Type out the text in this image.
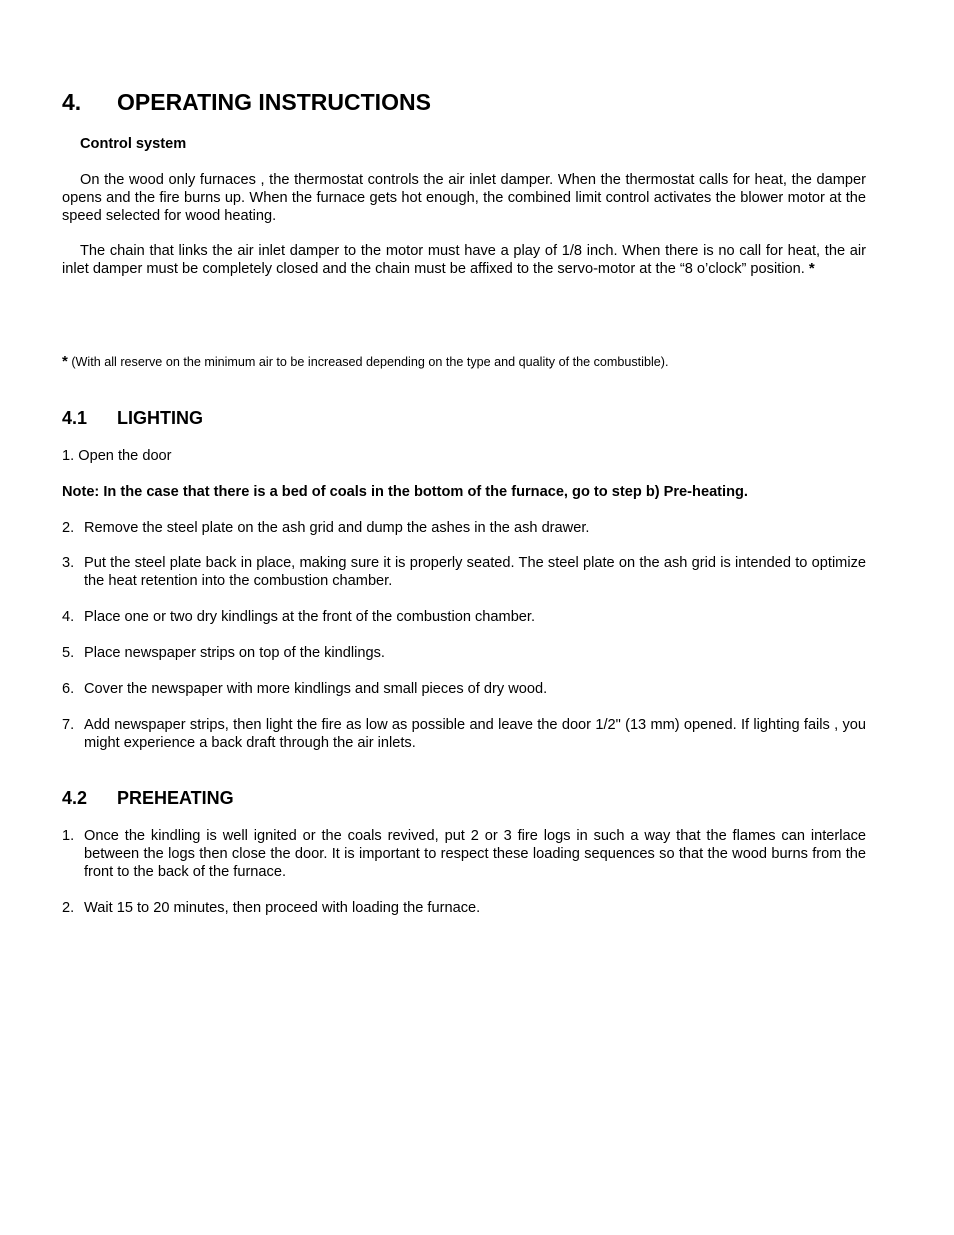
4. OPERATING INSTRUCTIONS

Control system

On the wood only furnaces , the thermostat controls the air inlet damper. When the thermostat calls for heat, the damper opens and the fire burns up. When the furnace gets hot enough, the combined limit control activates the blower motor at the speed selected for wood heating.

The chain that links the air inlet damper to the motor must have a play of 1/8 inch. When there is no call for heat, the air inlet damper must be completely closed and the chain must be affixed to the servo-motor at the “8 o’clock” position. *

* (With all reserve on the minimum air to be increased depending on the type and quality of the combustible).

4.1 LIGHTING

1. Open the door

Note: In the case that there is a bed of coals in the bottom of the furnace, go to step b) Pre-heating.

2. Remove the steel plate on the ash grid and dump the ashes in the ash drawer.
3. Put the steel plate back in place, making sure it is properly seated. The steel plate on the ash grid is intended to optimize the heat retention into the combustion chamber.
4. Place one or two dry kindlings at the front of the combustion chamber.
5. Place newspaper strips on top of the kindlings.
6. Cover the newspaper with more kindlings and small pieces of dry wood.
7. Add newspaper strips, then light the fire as low as possible and leave the door 1/2" (13 mm) opened. If lighting fails , you might experience a back draft through the air inlets.
4.2 PREHEATING
1. Once the kindling is well ignited or the coals revived, put 2 or 3 fire logs in such a way that the flames can interlace between the logs then close the door. It is important to respect these loading sequences so that the wood burns from the front to the back of the furnace.
2. Wait 15 to 20 minutes, then proceed with loading the furnace.
